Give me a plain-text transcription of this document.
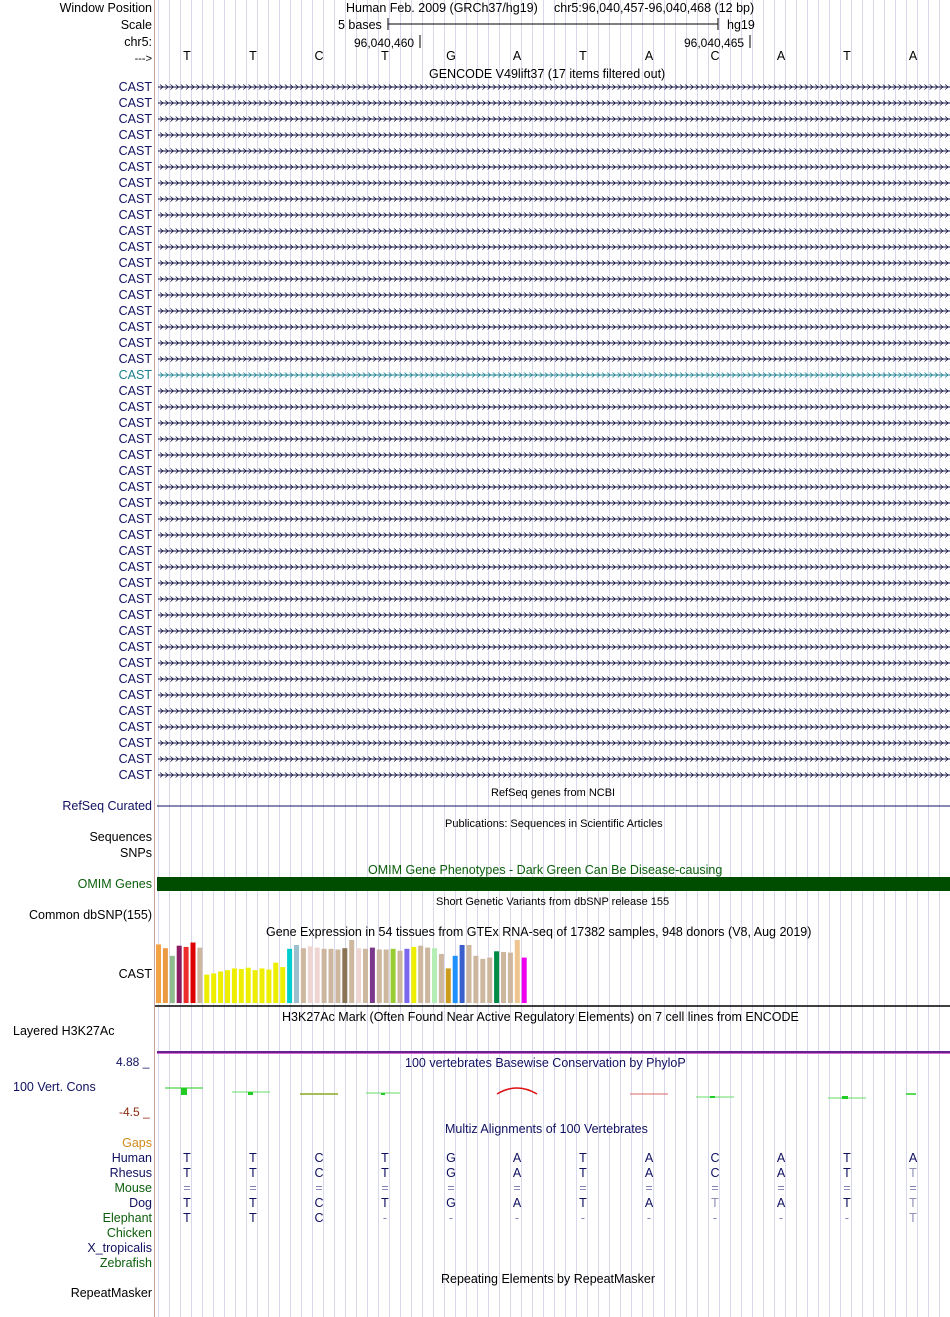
Window Position
Scale
chr5:
--->
Human Feb. 2009 (GRCh37/hg19) chr5:96,040,457-96,040,468 (12 bp)
5 bases	hg19
96,040,460	96,040,465
T	T	C	T	G	A	T	A	C	A	T	A
GENCODE V49lift37 (17 items filtered out)
CAST
CAST
CAST
CAST
CAST
CAST
CAST
CAST
CAST
CAST
CAST
CAST
CAST
CAST
CAST
CAST
CAST
CAST
CAST
CAST
CAST
CAST
CAST
CAST
CAST
CAST
CAST
CAST
CAST
CAST
CAST
CAST
CAST
CAST
CAST
CAST
CAST
CAST
CAST
CAST
CAST
CAST
CAST
CAST
RefSeq genes from NCBI
RefSeq Curated
Publications: Sequences in Scientific Articles
Sequences
SNPs
OMIM Gene Phenotypes - Dark Green Can Be Disease-causing
OMIM Genes
Short Genetic Variants from dbSNP release 155
Common dbSNP(155)
Gene Expression in 54 tissues from GTEx RNA-seq of 17382 samples, 948 donors (V8, Aug 2019)
CAST
H3K27Ac Mark (Often Found Near Active Regulatory Elements) on 7 cell lines from ENCODE
Layered H3K27Ac
100 vertebrates Basewise Conservation by PhyloP
4.88 _
100 Vert. Cons
-4.5 _
Multiz Alignments of 100 Vertebrates
Gaps
Human	T	T	C	T	G	A	T	A	C	A	T	A
Rhesus	T	T	C	T	G	A	T	A	C	A	T	T
Mouse	=	=	=	=	=	=	=	=	=	=	=	=
Dog	T	T	C	T	G	A	T	A	T	A	T	T
Elephant	T	T	C	-	-	-	-	-	-	-	-	T
Chicken
X_tropicalis
Zebrafish
Repeating Elements by RepeatMasker
RepeatMasker
